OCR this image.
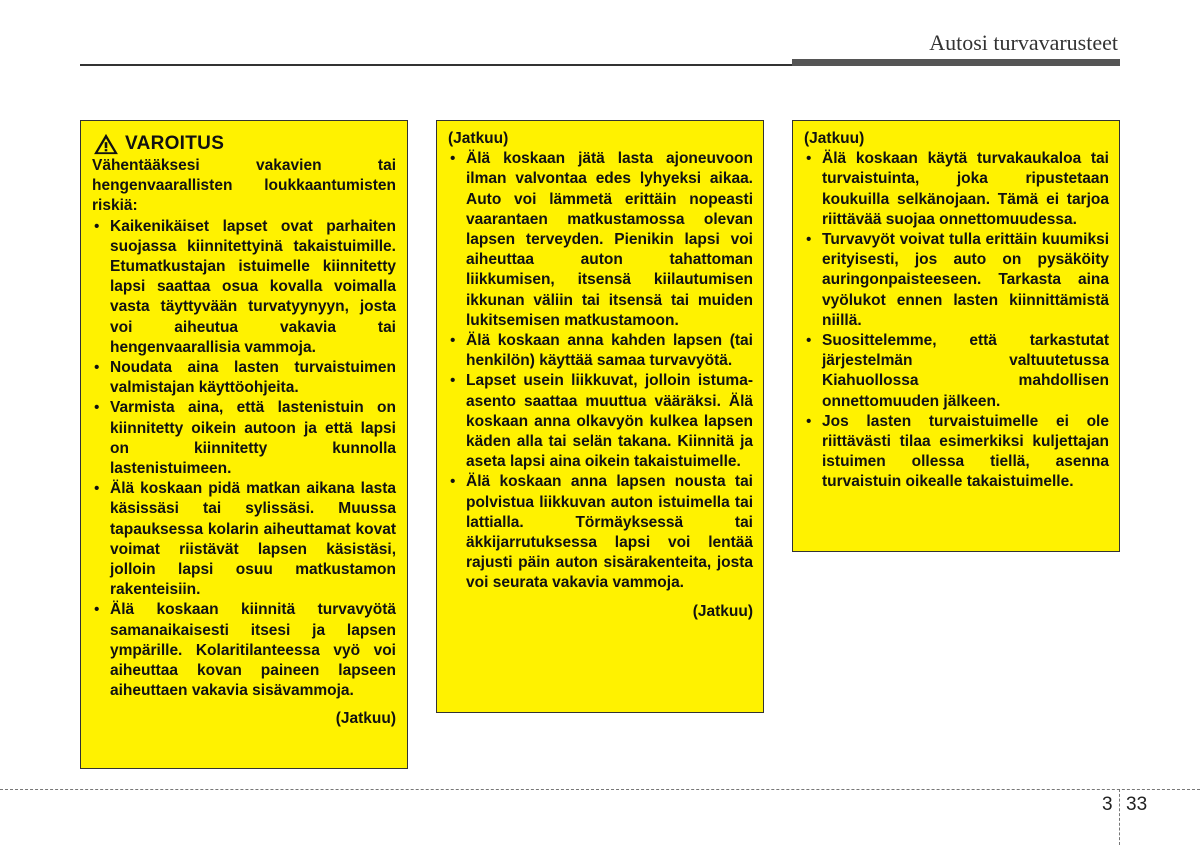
Autosi turvavarusteet
VAROITUS
Vähentääksesi vakavien tai hengenvaarallisten loukkaantumisten riskiä:
• Kaikenikäiset lapset ovat parhaiten suojassa kiinnitettyinä takaistuimille. Etumatkustajan istuimelle kiinnitetty lapsi saattaa osua kovalla voimalla vasta täyttyvään turvatyynyyn, josta voi aiheutua vakavia tai hengenvaarallisia vammoja.
• Noudata aina lasten turvaistuimen valmistajan käyttöohjeita.
• Varmista aina, että lastenistuin on kiinnitetty oikein autoon ja että lapsi on kiinnitetty kunnolla lastenistuimeen.
• Älä koskaan pidä matkan aikana lasta käsissäsi tai sylissäsi. Muussa tapauksessa kolarin aiheuttamat kovat voimat riistävät lapsen käsistäsi, jolloin lapsi osuu matkustamon rakenteisiin.
• Älä koskaan kiinnitä turvavyötä samanaikaisesti itsesi ja lapsen ympärille. Kolaritilanteessa vyö voi aiheuttaa kovan paineen lapseen aiheuttaen vakavia sisävammoja.
(Jatkuu)
(Jatkuu)
• Älä koskaan jätä lasta ajoneuvoon ilman valvontaa edes lyhyeksi aikaa. Auto voi lämmetä erittäin nopeasti vaarantaen matkustamossa olevan lapsen terveyden. Pienikin lapsi voi aiheuttaa auton tahattoman liikkumisen, itsensä kiilautumisen ikkunan väliin tai itsensä tai muiden lukitsemisen matkustamoon.
• Älä koskaan anna kahden lapsen (tai henkilön) käyttää samaa turvavyötä.
• Lapset usein liikkuvat, jolloin istuma-asento saattaa muuttua vääräksi. Älä koskaan anna olkavyön kulkea lapsen käden alla tai selän takana. Kiinnitä ja aseta lapsi aina oikein takaistuimelle.
• Älä koskaan anna lapsen nousta tai polvistua liikkuvan auton istuimella tai lattialla. Törmäyksessä tai äkkijarrutuksessa lapsi voi lentää rajusti päin auton sisärakenteita, josta voi seurata vakavia vammoja.
(Jatkuu)
(Jatkuu)
• Älä koskaan käytä turvakaukaloa tai turvaistuinta, joka ripustetaan koukuilla selkänojaan. Tämä ei tarjoa riittävää suojaa onnettomuudessa.
• Turvavyöt voivat tulla erittäin kuumiksi erityisesti, jos auto on pysäköity auringonpaisteeseen. Tarkasta aina vyölukot ennen lasten kiinnittämistä niillä.
• Suosittelemme, että tarkastutat järjestelmän valtuutetussa Kiahuollossa mahdollisen onnettomuuden jälkeen.
• Jos lasten turvaistuimelle ei ole riittävästi tilaa esimerkiksi kuljettajan istuimen ollessa tiellä, asenna turvaistuin oikealle takaistuimelle.
3 33
